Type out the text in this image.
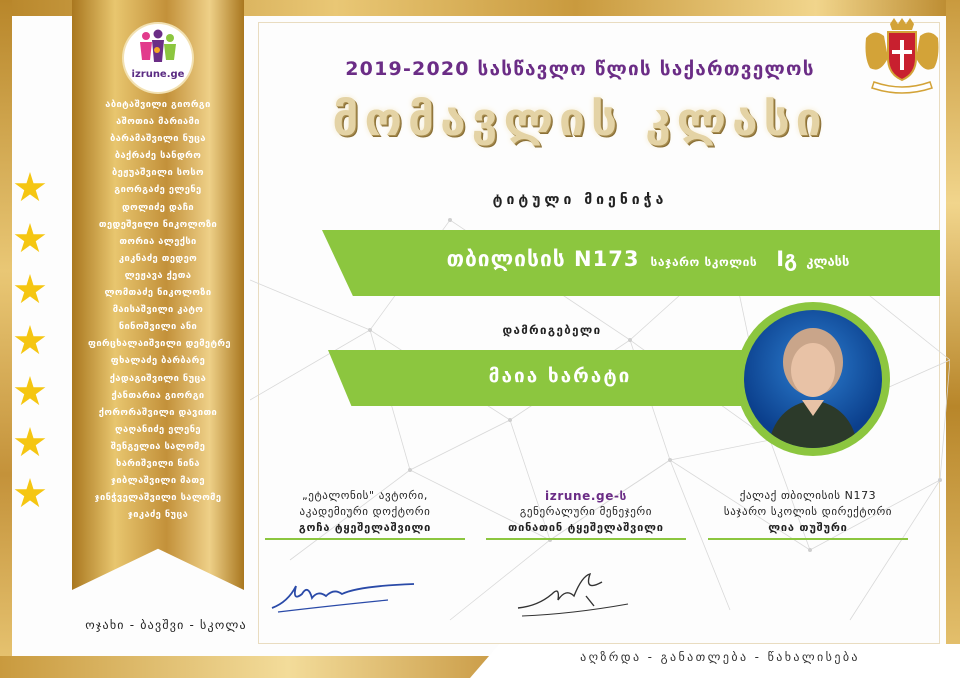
აბიტაშვილი გიორგი
აშოთია მარიამი
ბარამაშვილი ნუცა
ბაქრაძე სანდრო
ბეჟუაშვილი სოსო
გიორგაძე ელენე
დოლიძე დაჩი
თედეშვილი ნიკოლოზი
თორია ალექსი
კიკნაძე თედეო
ლეჟავა ქეთა
ლომთაძე ნიკოლოზი
მაისაშვილი კატო
ნინოშვილი ანი
ფირცხალაიშვილი დემეტრე
ფხალაძე ბარბარე
ქადაგიშვილი ნუცა
ქანთარია გიორგი
ქორორაშვილი დავითი
ღაღანიძე ელენე
შენგელია სალომე
ხარიშვილი ნინა
ჯიბლაშვილი მათე
ჯინჭველაშვილი სალომე
ჯიკაძე ნუცა
izrune.ge
ოჯახი - ბავშვი - სკოლა
აღზრდა - განათლება - წახალისება
2019-2020 სასწავლო წლის საქართველოს
მომავლის კლასი
ტიტული მიენიჭა
თბილისის N173 საჯარო სკოლის Iგ კლასს
დამრიგებელი
მაია ხარატი
„ეტალონის" ავტორი,
აკადემიური დოქტორი
გოჩა ტყეშელაშვილი
izrune.ge-ს
გენერალური მენეჯერი
თინათინ ტყეშელაშვილი
ქალაქ თბილისის N173
საჯარო სკოლის დირექტორი
ლია თუშური
